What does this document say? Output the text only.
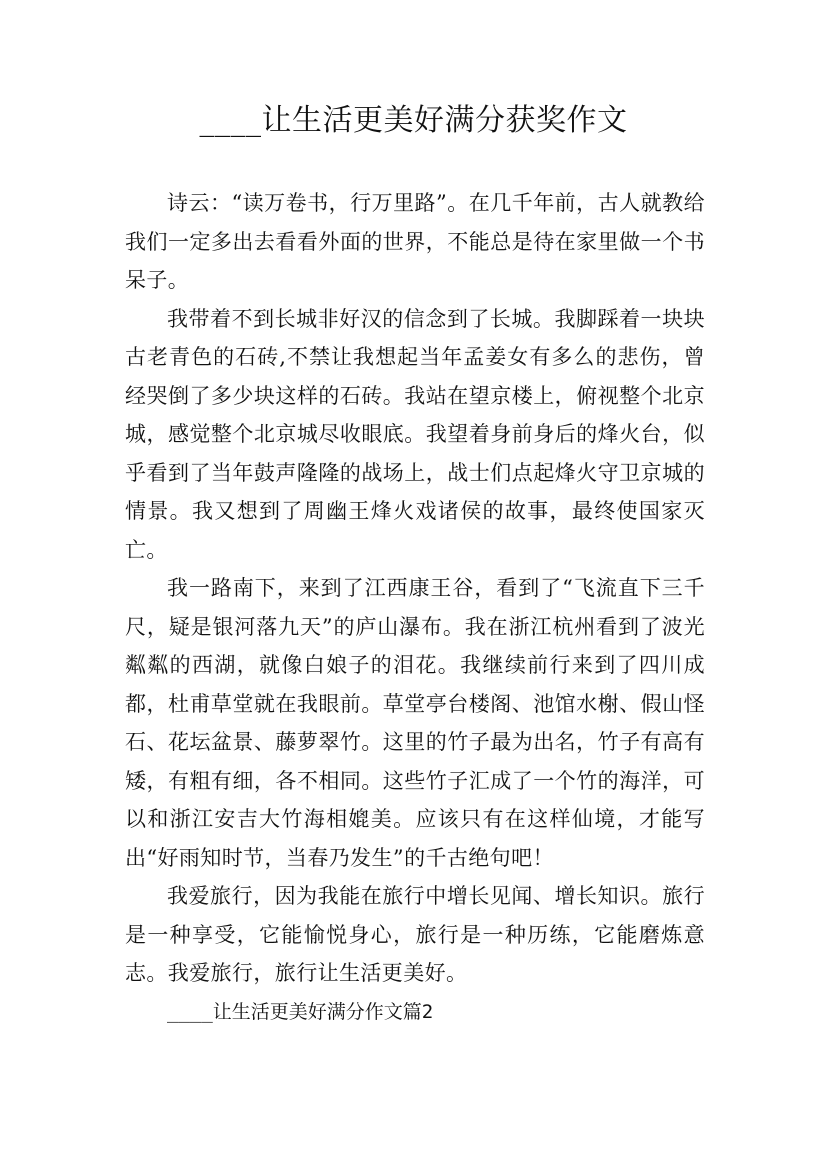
____让生活更美好满分获奖作文

诗云：“读万卷书，行万里路”。在几千年前，古人就教给我们一定多出去看看外面的世界，不能总是待在家里做一个书呆子。

我带着不到长城非好汉的信念到了长城。我脚踩着一块块古老青色的石砖,不禁让我想起当年孟姜女有多么的悲伤，曾经哭倒了多少块这样的石砖。我站在望京楼上，俯视整个北京城，感觉整个北京城尽收眼底。我望着身前身后的烽火台，似乎看到了当年鼓声隆隆的战场上，战士们点起烽火守卫京城的情景。我又想到了周幽王烽火戏诸侯的故事，最终使国家灭亡。

我一路南下，来到了江西康王谷，看到了“飞流直下三千尺，疑是银河落九天”的庐山瀑布。我在浙江杭州看到了波光粼粼的西湖，就像白娘子的泪花。我继续前行来到了四川成都，杜甫草堂就在我眼前。草堂亭台楼阁、池馆水榭、假山怪石、花坛盆景、藤萝翠竹。这里的竹子最为出名，竹子有高有矮，有粗有细，各不相同。这些竹子汇成了一个竹的海洋，可以和浙江安吉大竹海相媲美。应该只有在这样仙境，才能写出“好雨知时节，当春乃发生”的千古绝句吧！

我爱旅行，因为我能在旅行中增长见闻、增长知识。旅行是一种享受，它能愉悦身心，旅行是一种历练，它能磨炼意志。我爱旅行，旅行让生活更美好。

____让生活更美好满分作文篇2
